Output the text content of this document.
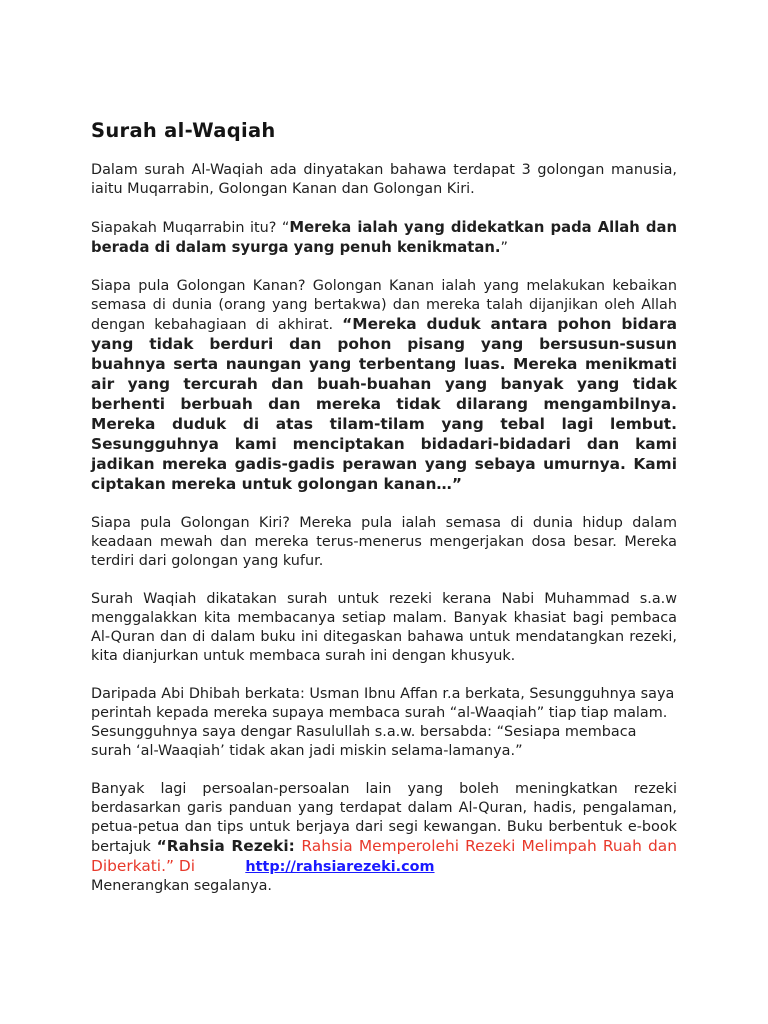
Surah al-Waqiah

Dalam surah Al-Waqiah ada dinyatakan bahawa terdapat 3 golongan manusia, iaitu Muqarrabin, Golongan Kanan dan Golongan Kiri.

Siapakah Muqarrabin itu? “Mereka ialah yang didekatkan pada Allah dan berada di dalam syurga yang penuh kenikmatan.”

Siapa pula Golongan Kanan? Golongan Kanan ialah yang melakukan kebaikan semasa di dunia (orang yang bertakwa) dan mereka talah dijanjikan oleh Allah dengan kebahagiaan di akhirat. “Mereka duduk antara pohon bidara yang tidak berduri dan pohon pisang yang bersusun-susun buahnya serta naungan yang terbentang luas. Mereka menikmati air yang tercurah dan buah-buahan yang banyak yang tidak berhenti berbuah dan mereka tidak dilarang mengambilnya. Mereka duduk di atas tilam-tilam yang tebal lagi lembut. Sesungguhnya kami menciptakan bidadari-bidadari dan kami jadikan mereka gadis-gadis perawan yang sebaya umurnya. Kami ciptakan mereka untuk golongan kanan…”

Siapa pula Golongan Kiri? Mereka pula ialah semasa di dunia hidup dalam keadaan mewah dan mereka terus-menerus mengerjakan dosa besar. Mereka terdiri dari golongan yang kufur.

Surah Waqiah dikatakan surah untuk rezeki kerana Nabi Muhammad s.a.w menggalakkan kita membacanya setiap malam. Banyak khasiat bagi pembaca Al-Quran dan di dalam buku ini ditegaskan bahawa untuk mendatangkan rezeki, kita dianjurkan untuk membaca surah ini dengan khusyuk.

Daripada Abi Dhibah berkata: Usman Ibnu Affan r.a berkata, Sesungguhnya saya perintah kepada mereka supaya membaca surah “al-Waaqiah” tiap tiap malam. Sesungguhnya saya dengar Rasulullah s.a.w. bersabda: “Sesiapa membaca surah ‘al-Waaqiah’ tidak akan jadi miskin selama-lamanya.”

Banyak lagi persoalan-persoalan lain yang boleh meningkatkan rezeki berdasarkan garis panduan yang terdapat dalam Al-Quran, hadis, pengalaman, petua-petua dan tips untuk berjaya dari segi kewangan. Buku berbentuk e-book bertajuk “Rahsia Rezeki: Rahsia Memperolehi Rezeki Melimpah Ruah dan Diberkati.” Di	http://rahsiarezeki.com
Menerangkan segalanya.
